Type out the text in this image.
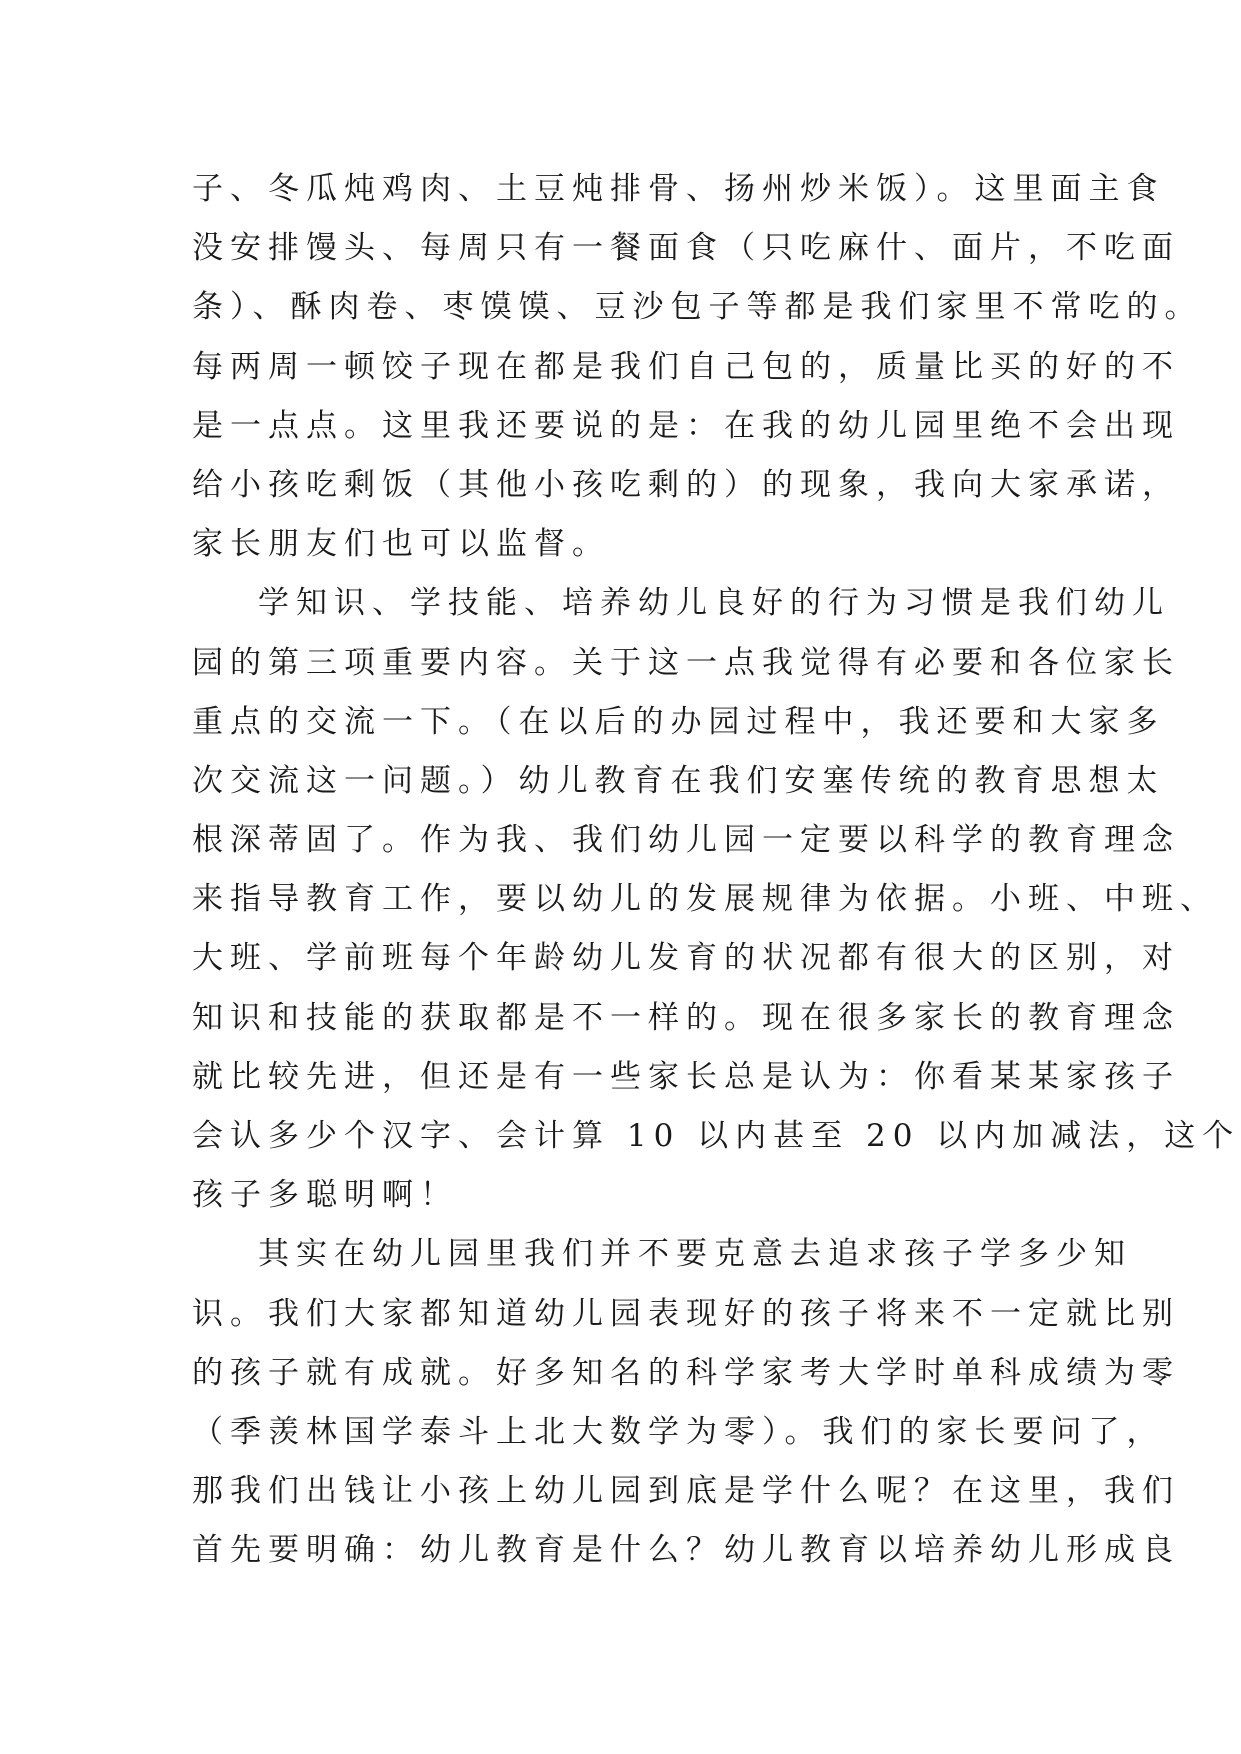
子、冬瓜炖鸡肉、土豆炖排骨、扬州炒米饭）。这里面主食

没安排馒头、每周只有一餐面食（只吃麻什、面片，不吃面

条）、酥肉卷、枣馍馍、豆沙包子等都是我们家里不常吃的。

每两周一顿饺子现在都是我们自己包的，质量比买的好的不

是一点点。这里我还要说的是：在我的幼儿园里绝不会出现

给小孩吃剩饭（其他小孩吃剩的）的现象，我向大家承诺，

家长朋友们也可以监督。

学知识、学技能、培养幼儿良好的行为习惯是我们幼儿

园的第三项重要内容。关于这一点我觉得有必要和各位家长

重点的交流一下。（在以后的办园过程中，我还要和大家多

次交流这一问题。）幼儿教育在我们安塞传统的教育思想太

根深蒂固了。作为我、我们幼儿园一定要以科学的教育理念

来指导教育工作，要以幼儿的发展规律为依据。小班、中班、

大班、学前班每个年龄幼儿发育的状况都有很大的区别，对

知识和技能的获取都是不一样的。现在很多家长的教育理念

就比较先进，但还是有一些家长总是认为：你看某某家孩子

会认多少个汉字、会计算 10 以内甚至 20 以内加减法，这个

孩子多聪明啊！

其实在幼儿园里我们并不要克意去追求孩子学多少知

识。我们大家都知道幼儿园表现好的孩子将来不一定就比别

的孩子就有成就。好多知名的科学家考大学时单科成绩为零

（季羡林国学泰斗上北大数学为零）。我们的家长要问了，

那我们出钱让小孩上幼儿园到底是学什么呢？在这里，我们

首先要明确：幼儿教育是什么？幼儿教育以培养幼儿形成良
